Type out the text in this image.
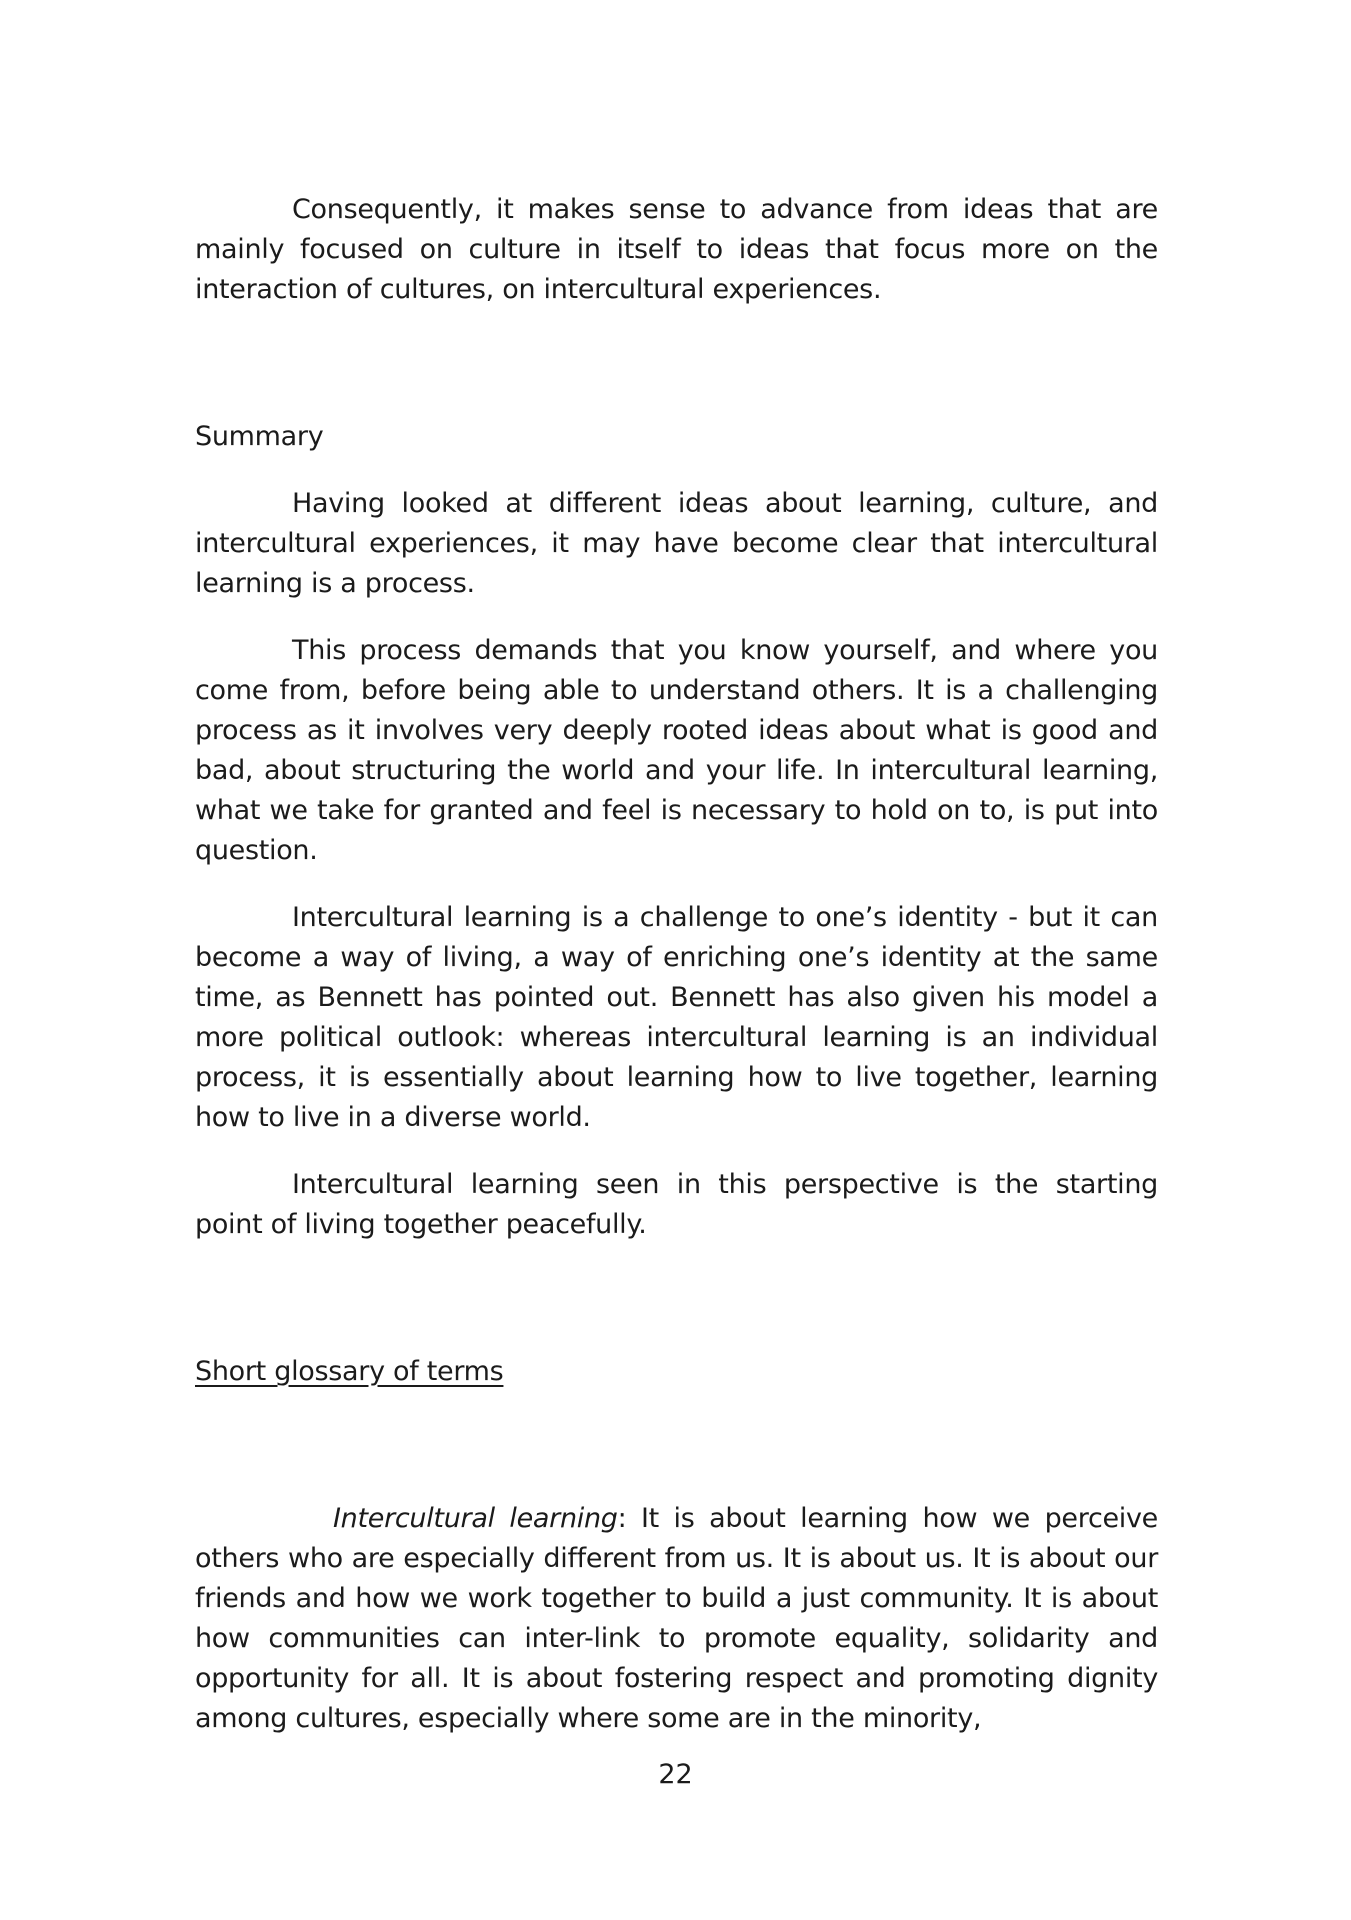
Consequently, it makes sense to advance from ideas that are mainly focused on culture in itself to ideas that focus more on the interaction of cultures, on intercultural experiences.

Summary

Having looked at different ideas about learning, culture, and intercultural experiences, it may have become clear that intercultural learning is a process.

This process demands that you know yourself, and where you come from, before being able to understand others. It is a challenging process as it involves very deeply rooted ideas about what is good and bad, about structuring the world and your life. In intercultural learning, what we take for granted and feel is necessary to hold on to, is put into question.

Intercultural learning is a challenge to one’s identity - but it can become a way of living, a way of enriching one’s identity at the same time, as Bennett has pointed out. Bennett has also given his model a more political outlook: whereas intercultural learning is an individual process, it is essentially about learning how to live together, learning how to live in a diverse world.

Intercultural learning seen in this perspective is the starting point of living together peacefully.

Short glossary of terms

Intercultural learning: It is about learning how we perceive others who are especially different from us. It is about us. It is about our friends and how we work together to build a just community. It is about how communities can inter-link to promote equality, solidarity and opportunity for all. It is about fostering respect and promoting dignity among cultures, especially where some are in the minority,

22
